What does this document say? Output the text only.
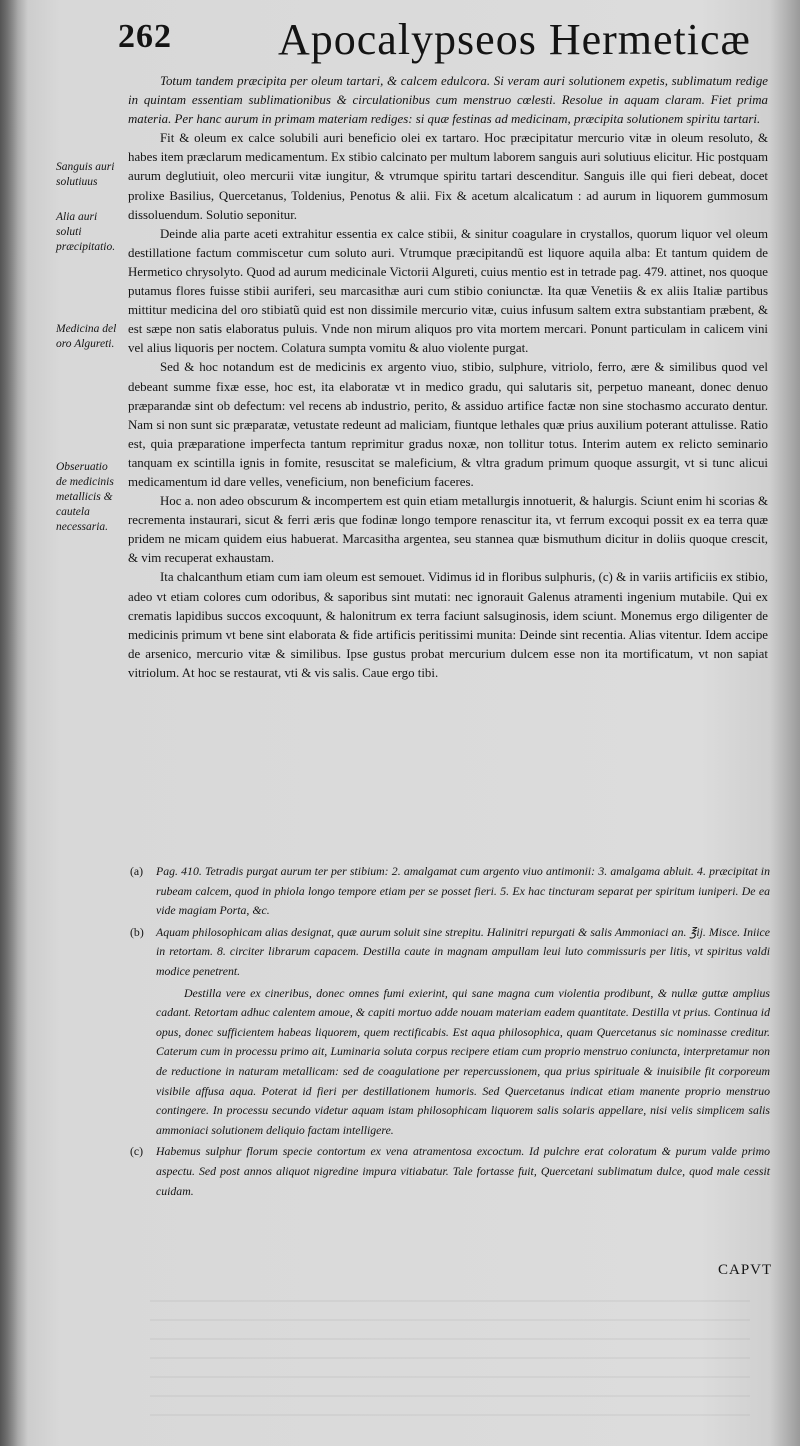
262 Apocalypseos Hermeticæ
Sanguis auri solutiuus
Alia auri soluti præcipitatio.
Medicina del oro Algureti.
Obseruatio de medicinis metallicis & cautela necessaria.

Totum tandem præcipita per oleum tartari, & calcem edulcora. Si veram auri solutionem expetis, sublimatum redige in quintam essentiam sublimationibus & circulationibus cum menstruo cœlesti. Resolue in aquam claram. Fiet prima materia. Per hanc aurum in primam materiam rediges: si quæ festinas ad medicinam, præcipita solutionem spiritu tartari.

Fit & oleum ex calce solubili auri beneficio olei ex tartaro. Hoc præcipitatur mercurio vitæ in oleum resoluto, & habes item præclarum medicamentum. Ex stibio calcinato per multum laborem sanguis auri solutiuus elicitur. Hic postquam aurum deglutiuit, oleo mercurii vitæ iungitur, & vtrumque spiritu tartari descenditur. Sanguis ille qui fieri debeat, docet prolixe Basilius, Quercetanus, Toldenius, Penotus & alii. Fix & acetum alcalicatum : ad aurum in liquorem gummosum dissoluendum. Solutio seponitur.

Deinde alia parte aceti extrahitur essentia ex calce stibii, & sinitur coagulare in crystallos, quorum liquor vel oleum destillatione factum commiscetur cum soluto auri. Vtrumque præcipitandũ est liquore aquila alba: Et tantum quidem de Hermetico chrysolyto. Quod ad aurum medicinale Victorii Algureti, cuius mentio est in tetrade pag. 479. attinet, nos quoque putamus flores fuisse stibii auriferi, seu marcasithæ auri cum stibio coniunctæ. Ita quæ Venetiis & ex aliis Italiæ partibus mittitur medicina del oro stibiatũ quid est non dissimile mercurio vitæ, cuius infusum saltem extra substantiam præbent, & est sæpe non satis elaboratus puluis. Vnde non mirum aliquos pro vita mortem mercari. Ponunt particulam in calicem vini vel alius liquoris per noctem. Colatura sumpta vomitu & aluo violente purgat.

Sed & hoc notandum est de medicinis ex argento viuo, stibio, sulphure, vitriolo, ferro, ære & similibus quod vel debeant summe fixæ esse, hoc est, ita elaboratæ vt in medico gradu, qui salutaris sit, perpetuo maneant, donec denuo præparandæ sint ob defectum: vel recens ab industrio, perito, & assiduo artifice factæ non sine stochasmo accurato dentur. Nam si non sunt sic præparatæ, vetustate redeunt ad maliciam, fiuntque lethales quæ prius auxilium poterant attulisse. Ratio est, quia præparatione imperfecta tantum reprimitur gradus noxæ, non tollitur totus. Interim autem ex relicto seminario tanquam ex scintilla ignis in fomite, resuscitat se maleficium, & vltra gradum primum quoque assurgit, vt si tunc alicui medicamentum id dare velles, veneficium, non beneficium faceres.

Hoc a. non adeo obscurum & incompertem est quin etiam metallurgis innotuerit, & halurgis. Sciunt enim hi scorias & recrementa instaurari, sicut & ferri æris que fodinæ longo tempore renascitur ita, vt ferrum excoqui possit ex ea terra quæ pridem ne micam quidem eius habuerat. Marcasitha argentea, seu stannea quæ bismuthum dicitur in doliis quoque crescit, & vim recuperat exhaustam.

Ita chalcanthum etiam cum iam oleum est semouet. Vidimus id in floribus sulphuris, (c) & in variis artificiis ex stibio, adeo vt etiam colores cum odoribus, & saporibus sint mutati: nec ignorauit Galenus atramenti ingenium mutabile. Qui ex crematis lapidibus succos excoquunt, & halonitrum ex terra faciunt salsuginosis, idem sciunt. Monemus ergo diligenter de medicinis primum vt bene sint elaborata & fide artificis peritissimi munita: Deinde sint recentia. Alias vitentur. Idem accipe de arsenico, mercurio vitæ & similibus. Ipse gustus probat mercurium dulcem esse non ita mortificatum, vt non sapiat vitriolum. At hoc se restaurat, vti & vis salis. Caue ergo tibi.

(a) Pag. 410. Tetradis purgat aurum ter per stibium: 2. amalgamat cum argento viuo antimonii: 3. amalgama abluit. 4. præcipitat in rubeam calcem, quod in phiola longo tempore etiam per se posset fieri. 5. Ex hac tincturam separat per spiritum iuniperi. De ea vide magiam Porta, &c.

(b) Aquam philosophicam alias designat, quæ aurum soluit sine strepitu. Halinitri repurgati & salis Ammoniaci an. ℥ij. Misce. Iniice in retortam. 8. circiter librarum capacem. Destilla caute in magnam ampullam leui luto commissuris per litis, vt spiritus valdi modice penetrent.

Destilla vere ex cineribus, donec omnes fumi exierint, qui sane magna cum violentia prodibunt, & nullæ guttæ amplius cadant. Retortam adhuc calentem amoue, & capiti mortuo adde nouam materiam eadem quantitate. Destilla vt prius. Continua id opus, donec sufficientem habeas liquorem, quem rectificabis. Est aqua philosophica, quam Quercetanus sic nominasse creditur. Caterum cum in processu primo ait, Luminaria soluta corpus recipere etiam cum proprio menstruo coniuncta, interpretamur non de reductione in naturam metallicam: sed de coagulatione per repercussionem, qua prius spirituale & inuisibile fit corporeum visibile affusa aqua. Poterat id fieri per destillationem humoris. Sed Quercetanus indicat etiam manente proprio menstruo contingere. In processu secundo videtur aquam istam philosophicam liquorem salis solaris appellare, nisi velis simplicem salis ammoniaci solutionem deliquio factam intelligere.

(c) Habemus sulphur florum specie contortum ex vena atramentosa excoctum. Id pulchre erat coloratum & purum valde primo aspectu. Sed post annos aliquot nigredine impura vitiabatur. Tale fortasse fuit, Quercetani sublimatum dulce, quod male cessit cuidam.

CAPVT
